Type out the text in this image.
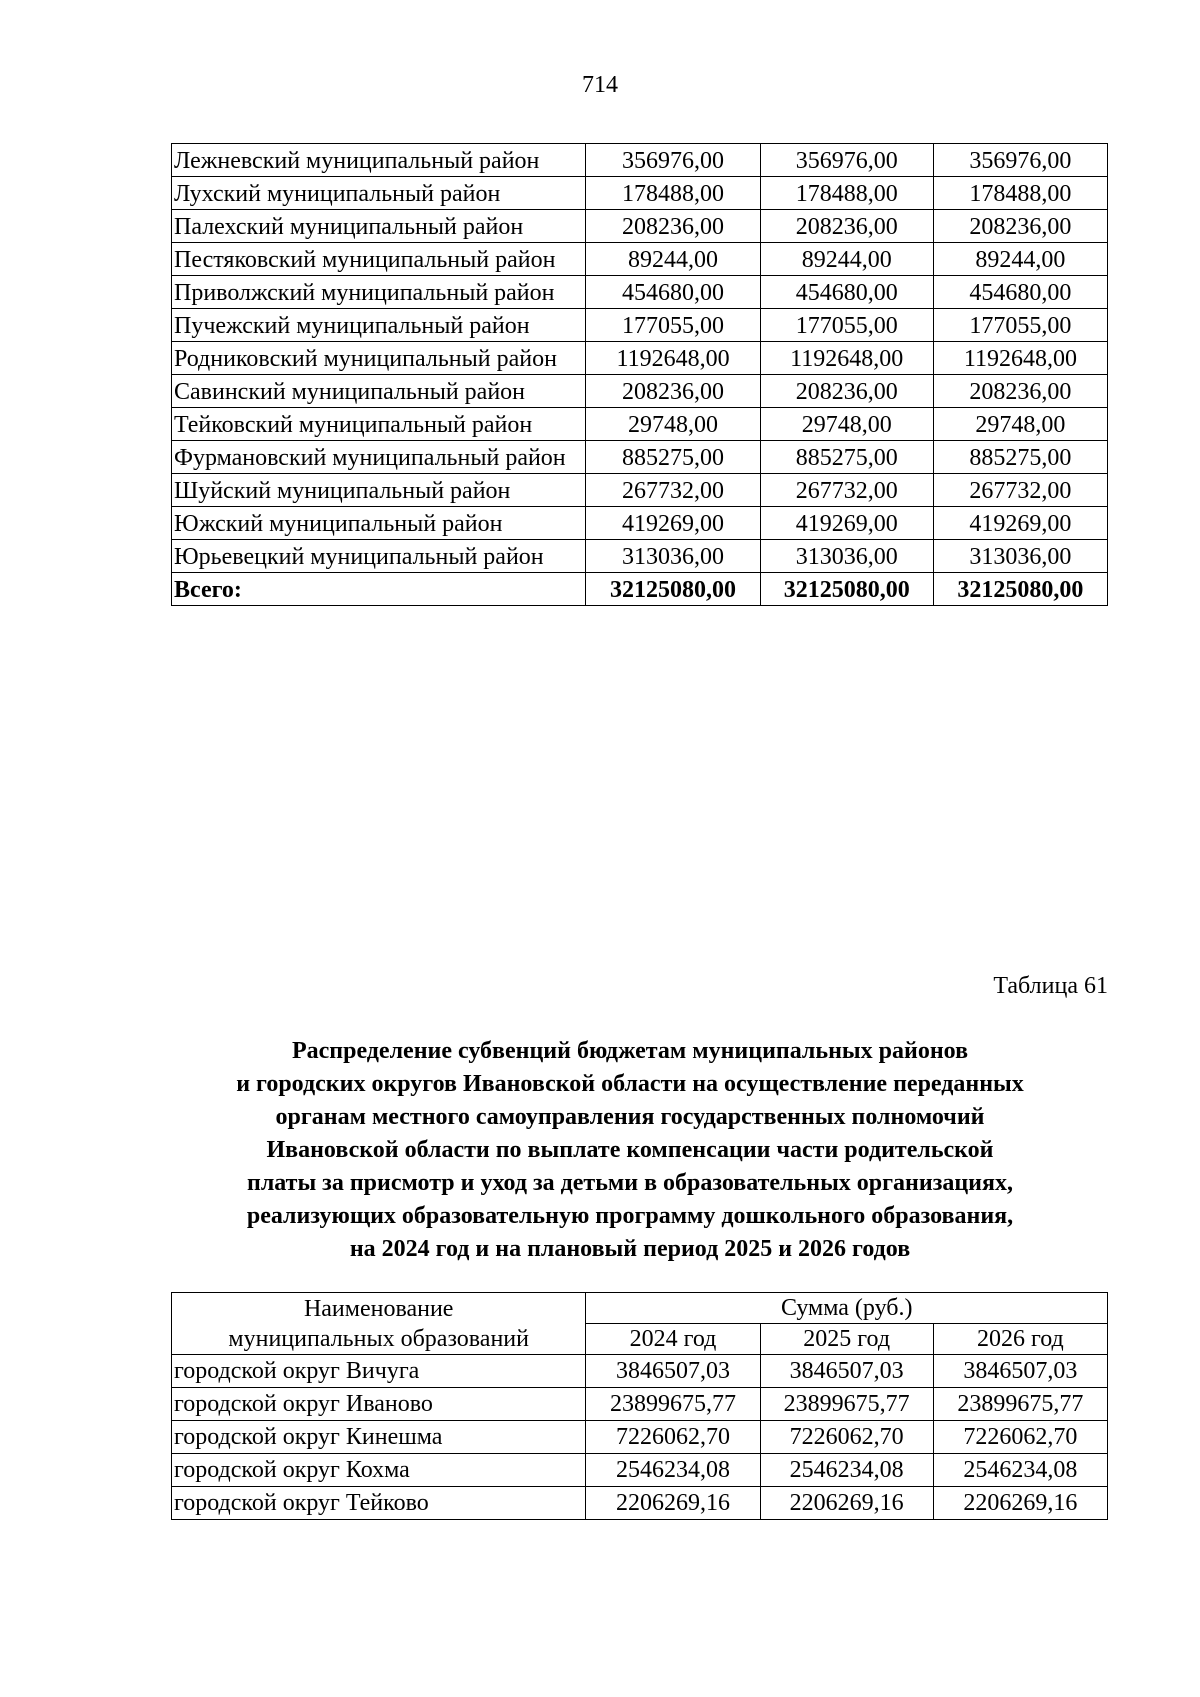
714
Лежневский муниципальный район	356976,00	356976,00	356976,00
Лухский муниципальный район	178488,00	178488,00	178488,00
Палехский муниципальный район	208236,00	208236,00	208236,00
Пестяковский муниципальный район	89244,00	89244,00	89244,00
Приволжский муниципальный район	454680,00	454680,00	454680,00
Пучежский муниципальный район	177055,00	177055,00	177055,00
Родниковский муниципальный район	1192648,00	1192648,00	1192648,00
Савинский муниципальный район	208236,00	208236,00	208236,00
Тейковский муниципальный район	29748,00	29748,00	29748,00
Фурмановский муниципальный район	885275,00	885275,00	885275,00
Шуйский муниципальный район	267732,00	267732,00	267732,00
Южский муниципальный район	419269,00	419269,00	419269,00
Юрьевецкий муниципальный район	313036,00	313036,00	313036,00
Всего:	32125080,00	32125080,00	32125080,00
Таблица 61
Распределение субвенций бюджетам муниципальных районов
и городских округов Ивановской области на осуществление переданных
органам местного самоуправления государственных полномочий
Ивановской области по выплате компенсации части родительской
платы за присмотр и уход за детьми в образовательных организациях,
реализующих образовательную программу дошкольного образования,
на 2024 год и на плановый период 2025 и 2026 годов
Наименование
муниципальных образований	Сумма (руб.)		
	2024 год	2025 год	2026 год
городской округ Вичуга	3846507,03	3846507,03	3846507,03
городской округ Иваново	23899675,77	23899675,77	23899675,77
городской округ Кинешма	7226062,70	7226062,70	7226062,70
городской округ Кохма	2546234,08	2546234,08	2546234,08
городской округ Тейково	2206269,16	2206269,16	2206269,16
